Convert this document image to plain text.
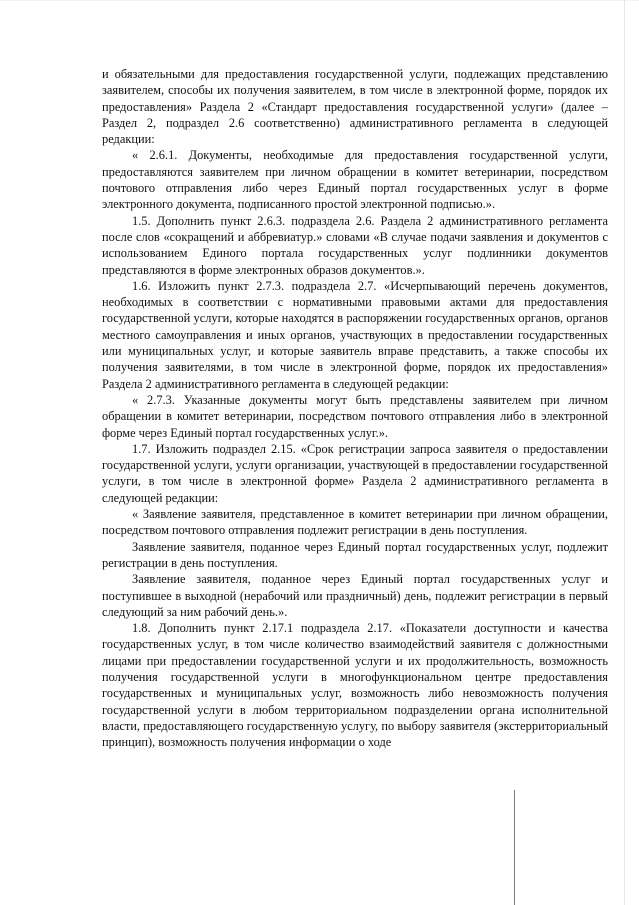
и обязательными для предоставления государственной услуги, подлежащих представлению заявителем, способы их получения заявителем, в том числе в электронной форме, порядок их предоставления» Раздела 2 «Стандарт предоставления государственной услуги» (далее – Раздел 2, подраздел 2.6 соответственно) административного регламента в следующей редакции:

« 2.6.1. Документы, необходимые для предоставления государственной услуги, предоставляются заявителем при личном обращении в комитет ветеринарии, посредством почтового отправления либо через Единый портал государственных услуг в форме электронного документа, подписанного простой электронной подписью.».

1.5. Дополнить пункт 2.6.3. подраздела 2.6. Раздела 2 административного регламента после слов «сокращений и аббревиатур.» словами «В случае подачи заявления и документов с использованием Единого портала государственных услуг подлинники документов представляются в форме электронных образов документов.».

1.6. Изложить пункт 2.7.3. подраздела 2.7. «Исчерпывающий перечень документов, необходимых в соответствии с нормативными правовыми актами для предоставления государственной услуги, которые находятся в распоряжении государственных органов, органов местного самоуправления и иных органов, участвующих в предоставлении государственных или муниципальных услуг, и которые заявитель вправе представить, а также способы их получения заявителями, в том числе в электронной форме, порядок их предоставления» Раздела 2 административного регламента в следующей редакции:

« 2.7.3. Указанные документы могут быть представлены заявителем при личном обращении в комитет ветеринарии, посредством почтового отправления либо в электронной форме через Единый портал государственных услуг.».

1.7. Изложить подраздел 2.15. «Срок регистрации запроса заявителя о предоставлении государственной услуги, услуги организации, участвующей в предоставлении государственной услуги, в том числе в электронной форме» Раздела 2 административного регламента в следующей редакции:

« Заявление заявителя, представленное в комитет ветеринарии при личном обращении, посредством почтового отправления подлежит регистрации в день поступления.

Заявление заявителя, поданное через Единый портал государственных услуг, подлежит регистрации в день поступления.

Заявление заявителя, поданное через Единый портал государственных услуг и поступившее в выходной (нерабочий или праздничный) день, подлежит регистрации в первый следующий за ним рабочий день.».

1.8. Дополнить пункт 2.17.1 подраздела 2.17. «Показатели доступности и качества государственных услуг, в том числе количество взаимодействий заявителя с должностными лицами при предоставлении государственной услуги и их продолжительность, возможность получения государственной услуги в многофункциональном центре предоставления государственных и муниципальных услуг, возможность либо невозможность получения государственной услуги в любом территориальном подразделении органа исполнительной власти, предоставляющего государственную услугу, по выбору заявителя (экстерриториальный принцип), возможность получения информации о ходе
